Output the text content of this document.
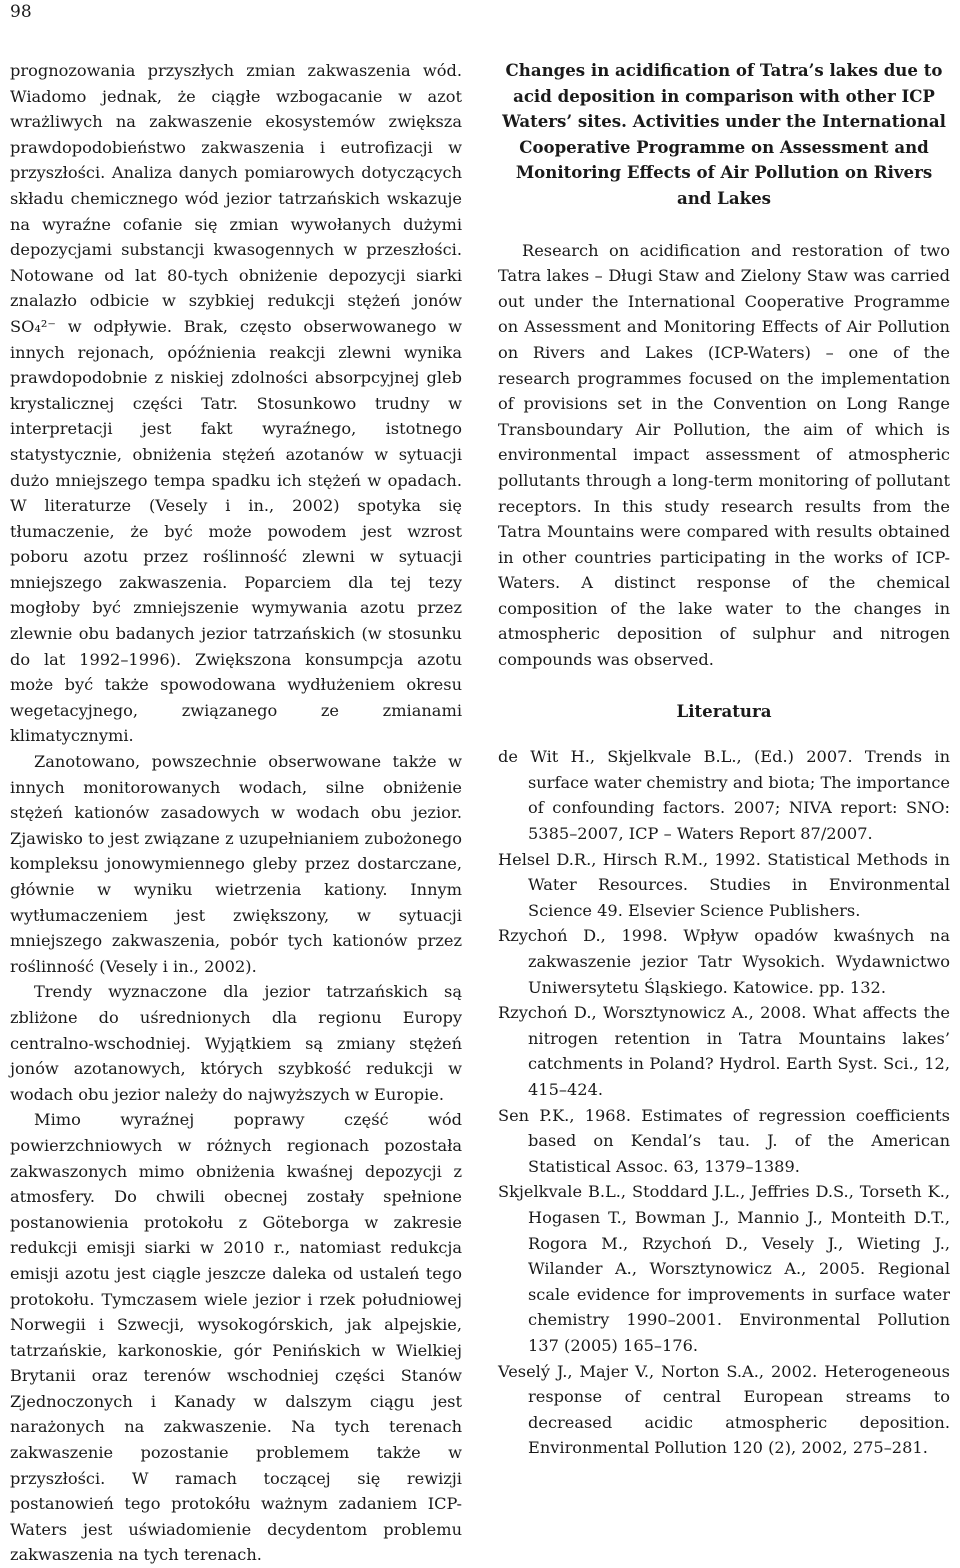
98

prognozowania przyszłych zmian zakwaszenia wód. Wiadomo jednak, że ciągłe wzbogacanie w azot wrażliwych na zakwaszenie ekosystemów zwiększa prawdopodobieństwo zakwaszenia i eutrofizacji w przyszłości. Analiza danych pomiarowych dotyczących składu chemicznego wód jezior tatrzańskich wskazuje na wyraźne cofanie się zmian wywołanych dużymi depozycjami substancji kwasogennych w przeszłości. Notowane od lat 80-tych obniżenie depozycji siarki znalazło odbicie w szybkiej redukcji stężeń jonów SO₄²⁻ w odpływie. Brak, często obserwowanego w innych rejonach, opóźnienia reakcji zlewni wynika prawdopodobnie z niskiej zdolności absorpcyjnej gleb krystalicznej części Tatr. Stosunkowo trudny w interpretacji jest fakt wyraźnego, istotnego statystycznie, obniżenia stężeń azotanów w sytuacji dużo mniejszego tempa spadku ich stężeń w opadach. W literaturze (Vesely i in., 2002) spotyka się tłumaczenie, że być może powodem jest wzrost poboru azotu przez roślinność zlewni w sytuacji mniejszego zakwaszenia. Poparciem dla tej tezy mogłoby być zmniejszenie wymywania azotu przez zlewnie obu badanych jezior tatrzańskich (w stosunku do lat 1992–1996). Zwiększona konsumpcja azotu może być także spowodowana wydłużeniem okresu wegetacyjnego, związanego ze zmianami klimatycznymi.

Zanotowano, powszechnie obserwowane także w innych monitorowanych wodach, silne obniżenie stężeń kationów zasadowych w wodach obu jezior. Zjawisko to jest związane z uzupełnianiem zubożonego kompleksu jonowymiennego gleby przez dostarczane, głównie w wyniku wietrzenia kationy. Innym wytłumaczeniem jest zwiększony, w sytuacji mniejszego zakwaszenia, pobór tych kationów przez roślinność (Vesely i in., 2002).

Trendy wyznaczone dla jezior tatrzańskich są zbliżone do uśrednionych dla regionu Europy centralno-wschodniej. Wyjątkiem są zmiany stężeń jonów azotanowych, których szybkość redukcji w wodach obu jezior należy do najwyższych w Europie.

Mimo wyraźnej poprawy część wód powierzchniowych w różnych regionach pozostała zakwaszonych mimo obniżenia kwaśnej depozycji z atmosfery. Do chwili obecnej zostały spełnione postanowienia protokołu z Göteborga w zakresie redukcji emisji siarki w 2010 r., natomiast redukcja emisji azotu jest ciągle jeszcze daleka od ustaleń tego protokołu. Tymczasem wiele jezior i rzek południowej Norwegii i Szwecji, wysokogórskich, jak alpejskie, tatrzańskie, karkonoskie, gór Penińskich w Wielkiej Brytanii oraz terenów wschodniej części Stanów Zjednoczonych i Kanady w dalszym ciągu jest narażonych na zakwaszenie. Na tych terenach zakwaszenie pozostanie problemem także w przyszłości. W ramach toczącej się rewizji postanowień tego protokółu ważnym zadaniem ICP-Waters jest uświadomienie decydentom problemu zakwaszenia na tych terenach.

Changes in acidification of Tatra’s lakes due to acid deposition in comparison with other ICP Waters’ sites. Activities under the International Cooperative Programme on Assessment and Monitoring Effects of Air Pollution on Rivers and Lakes

Research on acidification and restoration of two Tatra lakes – Długi Staw and Zielony Staw was carried out under the International Cooperative Programme on Assessment and Monitoring Effects of Air Pollution on Rivers and Lakes (ICP-Waters) – one of the research programmes focused on the implementation of provisions set in the Convention on Long Range Transboundary Air Pollution, the aim of which is environmental impact assessment of atmospheric pollutants through a long-term monitoring of pollutant receptors. In this study research results from the Tatra Mountains were compared with results obtained in other countries participating in the works of ICP-Waters. A distinct response of the chemical composition of the lake water to the changes in atmospheric deposition of sulphur and nitrogen compounds was observed.

Literatura

de Wit H., Skjelkvale B.L., (Ed.) 2007. Trends in surface water chemistry and biota; The importance of confounding factors. 2007; NIVA report: SNO: 5385–2007, ICP – Waters Report 87/2007.

Helsel D.R., Hirsch R.M., 1992. Statistical Methods in Water Resources. Studies in Environmental Science 49. Elsevier Science Publishers.

Rzychoń D., 1998. Wpływ opadów kwaśnych na zakwaszenie jezior Tatr Wysokich. Wydawnictwo Uniwersytetu Śląskiego. Katowice. pp. 132.

Rzychoń D., Worsztynowicz A., 2008. What affects the nitrogen retention in Tatra Mountains lakes’ catchments in Poland? Hydrol. Earth Syst. Sci., 12, 415–424.

Sen P.K., 1968. Estimates of regression coefficients based on Kendal’s tau. J. of the American Statistical Assoc. 63, 1379–1389.

Skjelkvale B.L., Stoddard J.L., Jeffries D.S., Torseth K., Hogasen T., Bowman J., Mannio J., Monteith D.T., Rogora M., Rzychoń D., Vesely J., Wieting J., Wilander A., Worsztynowicz A., 2005. Regional scale evidence for improvements in surface water chemistry 1990–2001. Environmental Pollution 137 (2005) 165–176.

Veselý J., Majer V., Norton S.A., 2002. Heterogeneous response of central European streams to decreased acidic atmospheric deposition. Environmental Pollution 120 (2), 2002, 275–281.
